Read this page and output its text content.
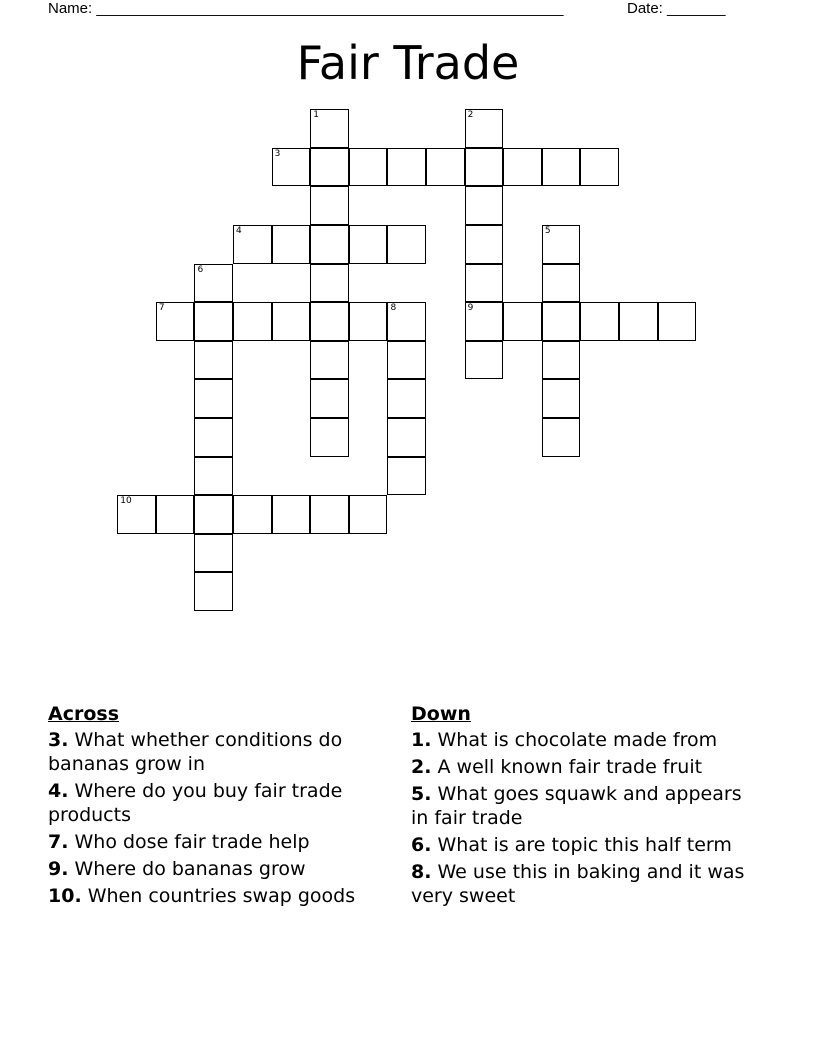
Name: ________________________________________________________	Date: _______
Fair Trade
1	2
9
3
4	5
6
7	8
10
Across
3. What whether conditions do bananas grow in
4. Where do you buy fair trade products
7. Who dose fair trade help
9. Where do bananas grow
10. When countries swap goods
Down
1. What is chocolate made from
2. A well known fair trade fruit
5. What goes squawk and appears in fair trade
6. What is are topic this half term
8. We use this in baking and it was very sweet
